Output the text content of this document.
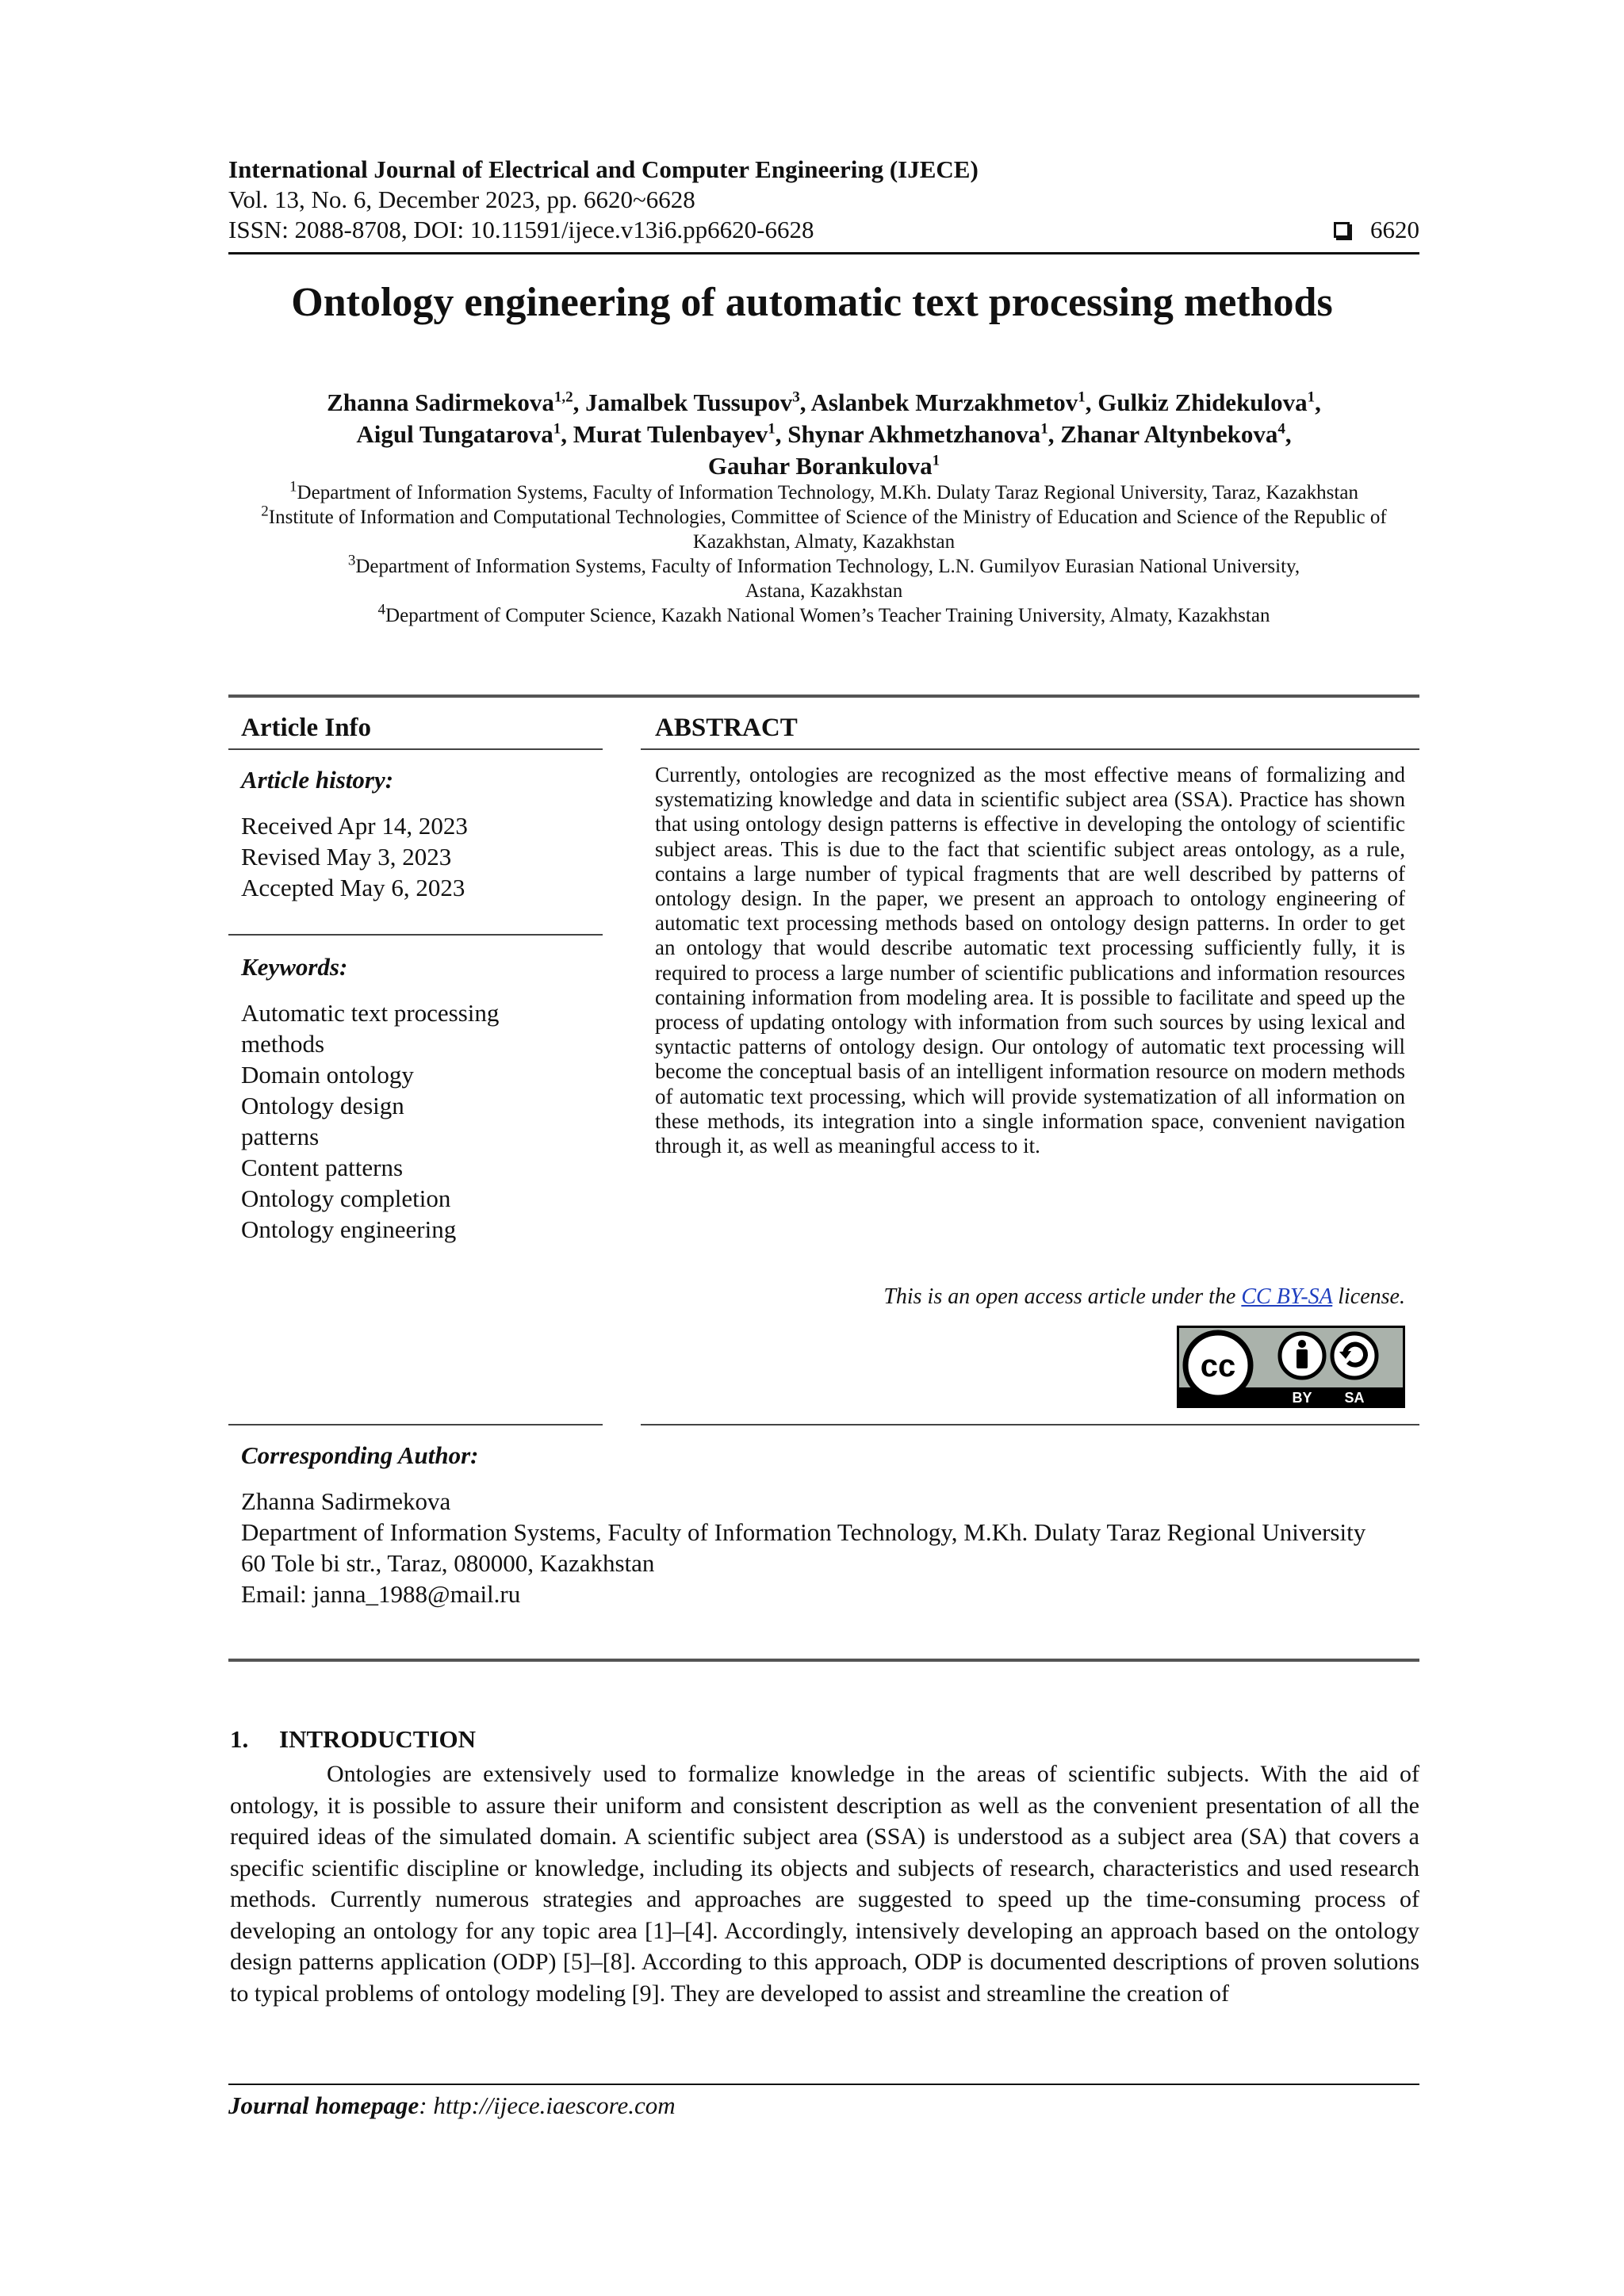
International Journal of Electrical and Computer Engineering (IJECE)
Vol. 13, No. 6, December 2023, pp. 6620~6628
ISSN: 2088-8708, DOI: 10.11591/ijece.v13i6.pp6620-6628	6620
Ontology engineering of automatic text processing methods
Zhanna Sadirmekova$^{1,2}$, Jamalbek Tussupov$^3$, Aslanbek Murzakhmetov$^1$, Gulkiz Zhidekulova$^1$,
Aigul Tungatarova$^1$, Murat Tulenbayev$^1$, Shynar Akhmetzhanova$^1$, Zhanar Altynbekova$^4$,
Gauhar Borankulova$^1$
$^1$Department of Information Systems, Faculty of Information Technology, M.Kh. Dulaty Taraz Regional University, Taraz, Kazakhstan
$^2$Institute of Information and Computational Technologies, Committee of Science of the Ministry of Education and Science of the Republic of Kazakhstan, Almaty, Kazakhstan
$^3$Department of Information Systems, Faculty of Information Technology, L.N. Gumilyov Eurasian National University, Astana, Kazakhstan
$^4$Department of Computer Science, Kazakh National Women’s Teacher Training University, Almaty, Kazakhstan
Article Info	ABSTRACT
Article history:
Received Apr 14, 2023
Revised May 3, 2023
Accepted May 6, 2023
Keywords:
Automatic text processing
methods
Domain ontology
Ontology design
patterns
Content patterns
Ontology completion
Ontology engineering

Currently, ontologies are recognized as the most effective means of formalizing and systematizing knowledge and data in scientific subject area (SSA). Practice has shown that using ontology design patterns is effective in developing the ontology of scientific subject areas. This is due to the fact that scientific subject areas ontology, as a rule, contains a large number of typical fragments that are well described by patterns of ontology design. In the paper, we present an approach to ontology engineering of automatic text processing methods based on ontology design patterns. In order to get an ontology that would describe automatic text processing sufficiently fully, it is required to process a large number of scientific publications and information resources containing information from modeling area. It is possible to facilitate and speed up the process of updating ontology with information from such sources by using lexical and syntactic patterns of ontology design. Our ontology of automatic text processing will become the conceptual basis of an intelligent information resource on modern methods of automatic text processing, which will provide systematization of all information on these methods, its integration into a single information space, convenient navigation through it, as well as meaningful access to it.

This is an open access article under the CC BY-SA license.
cc
BY SA
Corresponding Author:
Zhanna Sadirmekova
Department of Information Systems, Faculty of Information Technology, M.Kh. Dulaty Taraz Regional University
60 Tole bi str., Taraz, 080000, Kazakhstan
Email: janna_1988@mail.ru
1.     INTRODUCTION

Ontologies are extensively used to formalize knowledge in the areas of scientific subjects. With the aid of ontology, it is possible to assure their uniform and consistent description as well as the convenient presentation of all the required ideas of the simulated domain. A scientific subject area (SSA) is understood as a subject area (SA) that covers a specific scientific discipline or knowledge, including its objects and subjects of research, characteristics and used research methods. Currently numerous strategies and approaches are suggested to speed up the time-consuming process of developing an ontology for any topic area [1]–[4]. Accordingly, intensively developing an approach based on the ontology design patterns application (ODP) [5]–[8]. According to this approach, ODP is documented descriptions of proven solutions to typical problems of ontology modeling [9]. They are developed to assist and streamline the creation of

Journal homepage: http://ijece.iaescore.com
